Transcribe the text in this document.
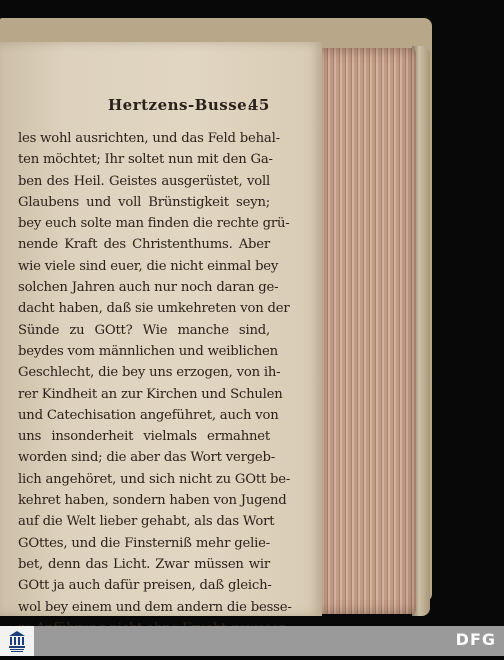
Hertzens-Busse.
45
les wohl ausrichten, und das Feld behal-
ten möchtet; Ihr soltet nun mit den Ga-
ben des Heil. Geistes ausgerüstet, voll
Glaubens und voll Brünstigkeit seyn;
bey euch solte man finden die rechte grü-
nende Kraft des Christenthums. Aber
wie viele sind euer, die nicht einmal bey
solchen Jahren auch nur noch daran ge-
dacht haben, daß sie umkehreten von der
Sünde zu GOtt? Wie manche sind,
beydes vom männlichen und weiblichen
Geschlecht, die bey uns erzogen, von ih-
rer Kindheit an zur Kirchen und Schulen
und Catechisation angeführet, auch von
uns insonderheit vielmals ermahnet
worden sind; die aber das Wort vergeb-
lich angehöret, und sich nicht zu GOtt be-
kehret haben, sondern haben von Jugend
auf die Welt lieber gehabt, als das Wort
GOttes, und die Finsterniß mehr gelie-
bet, denn das Licht. Zwar müssen wir
GOtt ja auch dafür preisen, daß gleich-
wol bey einem und dem andern die besse-
DFG
